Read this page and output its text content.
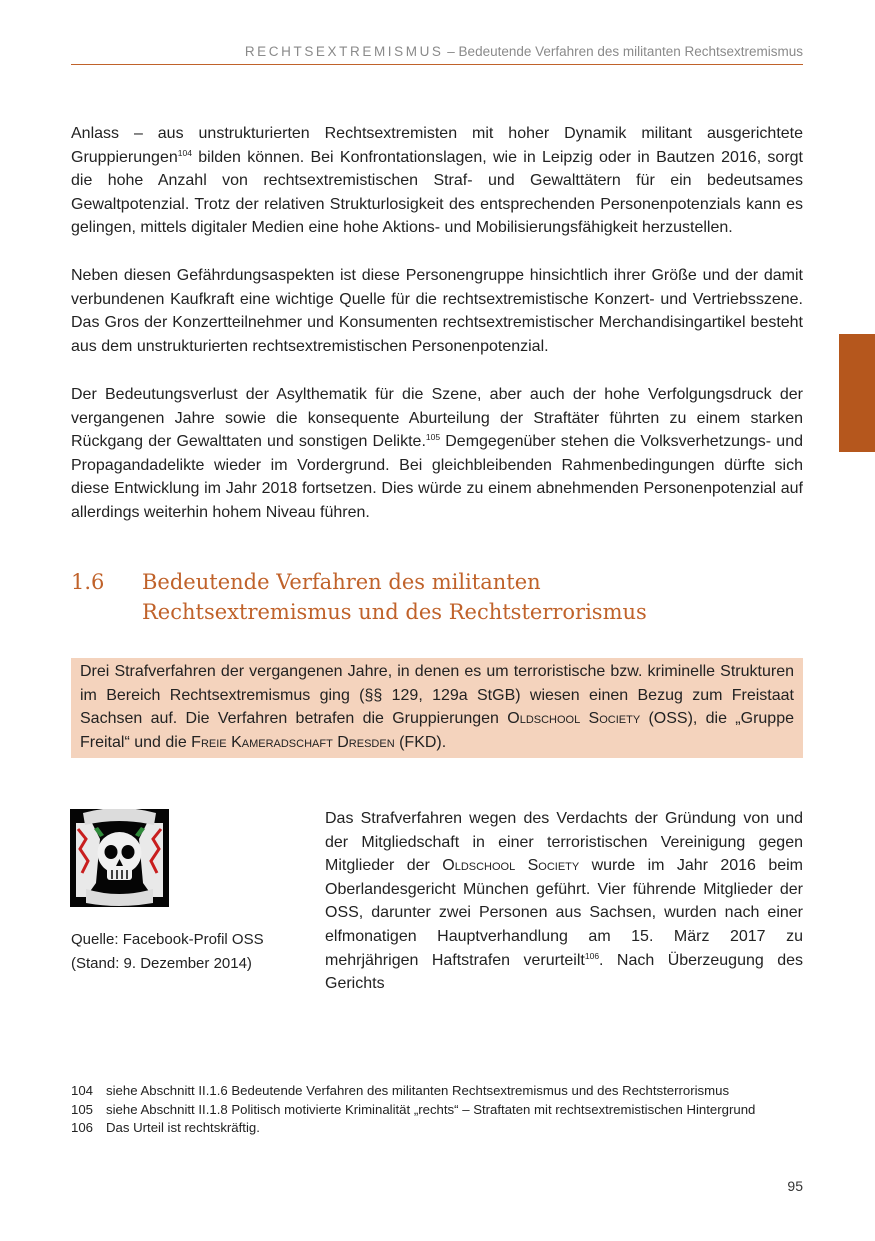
RECHTSEXTREMISMUS – Bedeutende Verfahren des militanten Rechtsextremismus

Anlass – aus unstrukturierten Rechtsextremisten mit hoher Dynamik militant ausgerichtete Gruppierungen$^{104}$ bilden können. Bei Konfrontationslagen, wie in Leipzig oder in Bautzen 2016, sorgt die hohe Anzahl von rechtsextremistischen Straf- und Gewalttätern für ein bedeutsames Gewaltpotenzial. Trotz der relativen Strukturlosigkeit des entsprechenden Personenpotenzials kann es gelingen, mittels digitaler Medien eine hohe Aktions- und Mobilisierungsfähigkeit herzustellen.

Neben diesen Gefährdungsaspekten ist diese Personengruppe hinsichtlich ihrer Größe und der damit verbundenen Kaufkraft eine wichtige Quelle für die rechtsextremistische Konzert- und Vertriebsszene. Das Gros der Konzertteilnehmer und Konsumenten rechtsextremistischer Merchandisingartikel besteht aus dem unstrukturierten rechtsextremistischen Personenpotenzial.

Der Bedeutungsverlust der Asylthematik für die Szene, aber auch der hohe Verfolgungsdruck der vergangenen Jahre sowie die konsequente Aburteilung der Straftäter führten zu einem starken Rückgang der Gewalttaten und sonstigen Delikte.$^{105}$ Demgegenüber stehen die Volksverhetzungs- und Propagandadelikte wieder im Vordergrund. Bei gleichbleibenden Rahmenbedingungen dürfte sich diese Entwicklung im Jahr 2018 fortsetzen. Dies würde zu einem abnehmenden Personenpotenzial auf allerdings weiterhin hohem Niveau führen.

1.6 Bedeutende Verfahren des militanten
Rechtsextremismus und des Rechtsterrorismus
Drei Strafverfahren der vergangenen Jahre, in denen es um terroristische bzw. kriminelle Strukturen im Bereich Rechtsextremismus ging (§§ 129, 129a StGB) wiesen einen Bezug zum Freistaat Sachsen auf. Die Verfahren betrafen die Gruppierungen Oldschool Society (OSS), die „Gruppe Freital“ und die Freie Kameradschaft Dresden (FKD).
Quelle: Facebook-Profil OSS
(Stand: 9. Dezember 2014)

Das Strafverfahren wegen des Verdachts der Gründung von und der Mitgliedschaft in einer terroristischen Vereinigung gegen Mitglieder der Oldschool Society wurde im Jahr 2016 beim Oberlandesgericht München geführt. Vier führende Mitglieder der OSS, darunter zwei Personen aus Sachsen, wurden nach einer elfmonatigen Hauptverhandlung am 15. März 2017 zu mehrjährigen Haftstrafen verurteilt$^{106}$. Nach Überzeugung des Gerichts

104 siehe Abschnitt II.1.6 Bedeutende Verfahren des militanten Rechtsextremismus und des Rechtsterrorismus
105 siehe Abschnitt II.1.8 Politisch motivierte Kriminalität „rechts“ – Straftaten mit rechtsextremistischen Hintergrund
106 Das Urteil ist rechtskräftig.
95
